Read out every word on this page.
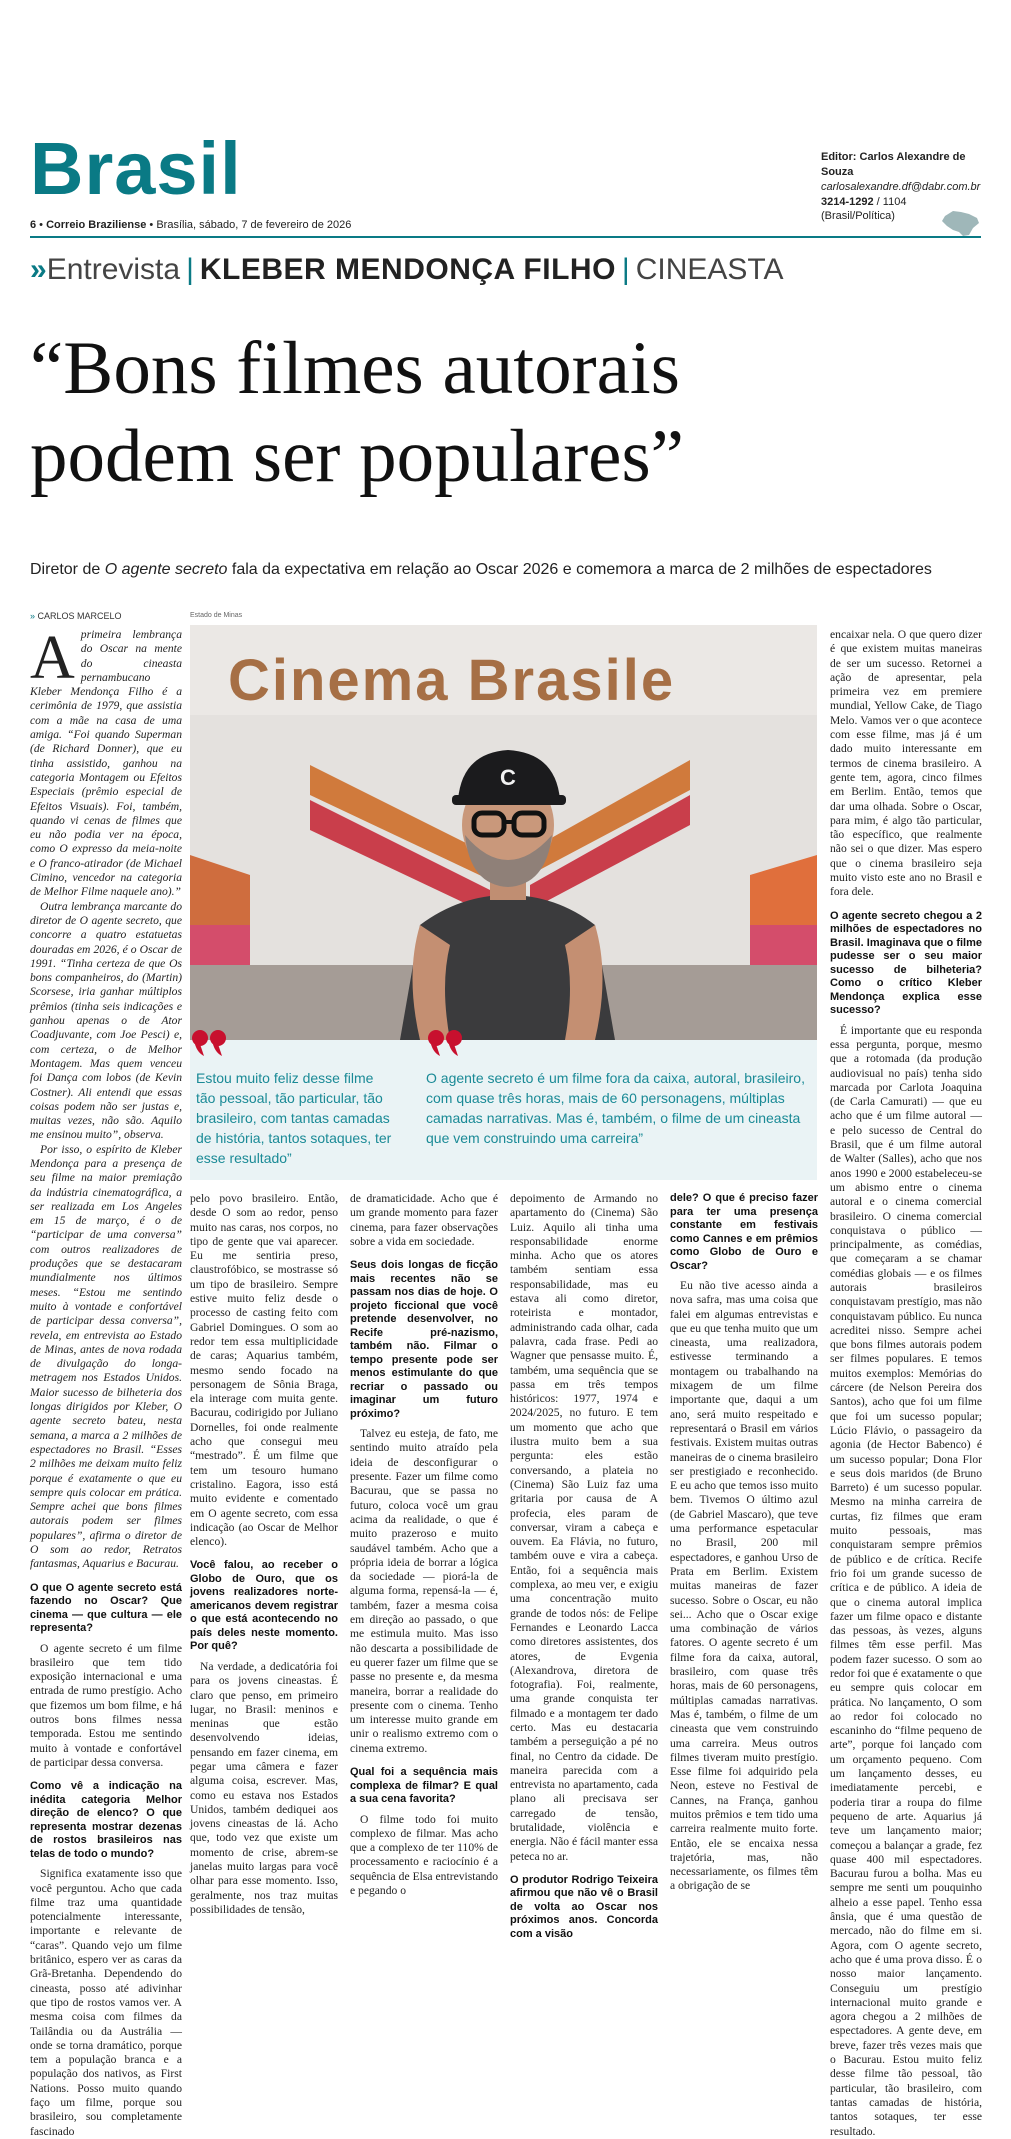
Brasil	Editor: Carlos Alexandre de Souza
carlosalexandre.df@dabr.com.br
3214-1292 / 1104 (Brasil/Política)
6 • Correio Braziliense • Brasília, sábado, 7 de fevereiro de 2026
»Entrevista | KLEBER MENDONÇA FILHO | CINEASTA
“Bons filmes autorais
podem ser populares”
Diretor de O agente secreto fala da expectativa em relação ao Oscar 2026 e comemora a marca de 2 milhões de espectadores
» CARLOS MARCELO	Estado de Minas
C
Cinema Brasile
Estou muito feliz desse filme tão pessoal, tão particular, tão brasileiro, com tantas camadas de história, tantos sotaques, ter esse resultado”
O agente secreto é um filme fora da caixa, autoral, brasileiro, com quase três horas, mais de 60 personagens, múltiplas camadas narrativas. Mas é, também, o filme de um cineasta que vem construindo uma carreira”

Aprimeira lembrança do Oscar na mente do cineasta pernambucano Kleber Mendonça Filho é a cerimônia de 1979, que assistia com a mãe na casa de uma amiga. “Foi quando Superman (de Richard Donner), que eu tinha assistido, ganhou na categoria Montagem ou Efeitos Especiais (prêmio especial de Efeitos Visuais). Foi, também, quando vi cenas de filmes que eu não podia ver na época, como O expresso da meia-noite e O franco-atirador (de Michael Cimino, vencedor na categoria de Melhor Filme naquele ano).”

Outra lembrança marcante do diretor de O agente secreto, que concorre a quatro estatuetas douradas em 2026, é o Oscar de 1991. “Tinha certeza de que Os bons companheiros, do (Martin) Scorsese, iria ganhar múltiplos prêmios (tinha seis indicações e ganhou apenas o de Ator Coadjuvante, com Joe Pesci) e, com certeza, o de Melhor Montagem. Mas quem venceu foi Dança com lobos (de Kevin Costner). Ali entendi que essas coisas podem não ser justas e, muitas vezes, não são. Aquilo me ensinou muito”, observa.

Por isso, o espírito de Kleber Mendonça para a presença de seu filme na maior premiação da indústria cinematográfica, a ser realizada em Los Angeles em 15 de março, é o de “participar de uma conversa” com outros realizadores de produções que se destacaram mundialmente nos últimos meses. “Estou me sentindo muito à vontade e confortável de participar dessa conversa”, revela, em entrevista ao Estado de Minas, antes de nova rodada de divulgação do longa-metragem nos Estados Unidos. Maior sucesso de bilheteria dos longas dirigidos por Kleber, O agente secreto bateu, nesta semana, a marca a 2 milhões de espectadores no Brasil. “Esses 2 milhões me deixam muito feliz porque é exatamente o que eu sempre quis colocar em prática. Sempre achei que bons filmes autorais podem ser filmes populares”, afirma o diretor de O som ao redor, Retratos fantasmas, Aquarius e Bacurau.

O que O agente secreto está fazendo no Oscar? Que cinema — que cultura — ele representa?

O agente secreto é um filme brasileiro que tem tido exposição internacional e uma entrada de rumo prestígio. Acho que fizemos um bom filme, e há outros bons filmes nessa temporada. Estou me sentindo muito à vontade e confortável de participar dessa conversa.

Como vê a indicação na inédita categoria Melhor direção de elenco? O que representa mostrar dezenas de rostos brasileiros nas telas de todo o mundo?

Significa exatamente isso que você perguntou. Acho que cada filme traz uma quantidade potencialmente interessante, importante e relevante de “caras”. Quando vejo um filme britânico, espero ver as caras da Grã-Bretanha. Dependendo do cineasta, posso até adivinhar que tipo de rostos vamos ver. A mesma coisa com filmes da Tailândia ou da Austrália — onde se torna dramático, porque tem a população branca e a população dos nativos, as First Nations. Posso muito quando faço um filme, porque sou brasileiro, sou completamente fascinado

pelo povo brasileiro. Então, desde O som ao redor, penso muito nas caras, nos corpos, no tipo de gente que vai aparecer. Eu me sentiria preso, claustrofóbico, se mostrasse só um tipo de brasileiro. Sempre estive muito feliz desde o processo de casting feito com Gabriel Domingues. O som ao redor tem essa multiplicidade de caras; Aquarius também, mesmo sendo focado na personagem de Sônia Braga, ela interage com muita gente. Bacurau, codirigido por Juliano Dornelles, foi onde realmente acho que consegui meu “mestrado”. É um filme que tem um tesouro humano cristalino. Eagora, isso está muito evidente e comentado em O agente secreto, com essa indicação (ao Oscar de Melhor elenco).

Você falou, ao receber o Globo de Ouro, que os jovens realizadores norte-americanos devem registrar o que está acontecendo no país deles neste momento. Por quê?

Na verdade, a dedicatória foi para os jovens cineastas. É claro que penso, em primeiro lugar, no Brasil: meninos e meninas que estão desenvolvendo ideias, pensando em fazer cinema, em pegar uma câmera e fazer alguma coisa, escrever. Mas, como eu estava nos Estados Unidos, também dediquei aos jovens cineastas de lá. Acho que, todo vez que existe um momento de crise, abrem-se janelas muito largas para você olhar para esse momento. Isso, geralmente, nos traz muitas possibilidades de tensão,

de dramaticidade. Acho que é um grande momento para fazer cinema, para fazer observações sobre a vida em sociedade.

Seus dois longas de ficção mais recentes não se passam nos dias de hoje. O projeto ficcional que você pretende desenvolver, no Recife pré-nazismo, também não. Filmar o tempo presente pode ser menos estimulante do que recriar o passado ou imaginar um futuro próximo?

Talvez eu esteja, de fato, me sentindo muito atraído pela ideia de desconfigurar o presente. Fazer um filme como Bacurau, que se passa no futuro, coloca você um grau acima da realidade, o que é muito prazeroso e muito saudável também. Acho que a própria ideia de borrar a lógica da sociedade — piorá-la de alguma forma, repensá-la — é, também, fazer a mesma coisa em direção ao passado, o que me estimula muito. Mas isso não descarta a possibilidade de eu querer fazer um filme que se passe no presente e, da mesma maneira, borrar a realidade do presente com o cinema. Tenho um interesse muito grande em unir o realismo extremo com o cinema extremo.

Qual foi a sequência mais complexa de filmar? E qual a sua cena favorita?

O filme todo foi muito complexo de filmar. Mas acho que a complexo de ter 110% de processamento e raciocínio é a sequência de Elsa entrevistando e pegando o

depoimento de Armando no apartamento do (Cinema) São Luiz. Aquilo ali tinha uma responsabilidade enorme minha. Acho que os atores também sentiam essa responsabilidade, mas eu estava ali como diretor, roteirista e montador, administrando cada olhar, cada palavra, cada frase. Pedi ao Wagner que pensasse muito. É, também, uma sequência que se passa em três tempos históricos: 1977, 1974 e 2024/2025, no futuro. E tem um momento que acho que ilustra muito bem a sua pergunta: eles estão conversando, a plateia no (Cinema) São Luiz faz uma gritaria por causa de A profecia, eles param de conversar, viram a cabeça e ouvem. Ea Flávia, no futuro, também ouve e vira a cabeça. Então, foi a sequência mais complexa, ao meu ver, e exigiu uma concentração muito grande de todos nós: de Felipe Fernandes e Leonardo Lacca como diretores assistentes, dos atores, de Evgenia (Alexandrova, diretora de fotografia). Foi, realmente, uma grande conquista ter filmado e a montagem ter dado certo. Mas eu destacaria também a perseguição a pé no final, no Centro da cidade. De maneira parecida com a entrevista no apartamento, cada plano ali precisava ser carregado de tensão, brutalidade, violência e energia. Não é fácil manter essa peteca no ar.

O produtor Rodrigo Teixeira afirmou que não vê o Brasil de volta ao Oscar nos próximos anos. Concorda com a visão

dele? O que é preciso fazer para ter uma presença constante em festivais como Cannes e em prêmios como Globo de Ouro e Oscar?

Eu não tive acesso ainda a nova safra, mas uma coisa que falei em algumas entrevistas e que eu que tenha muito que um cineasta, uma realizadora, estivesse terminando a montagem ou trabalhando na mixagem de um filme importante que, daqui a um ano, será muito respeitado e representará o Brasil em vários festivais. Existem muitas outras maneiras de o cinema brasileiro ser prestigiado e reconhecido. E eu acho que temos isso muito bem. Tivemos O último azul (de Gabriel Mascaro), que teve uma performance espetacular no Brasil, 200 mil espectadores, e ganhou Urso de Prata em Berlim. Existem muitas maneiras de fazer sucesso. Sobre o Oscar, eu não sei... Acho que o Oscar exige uma combinação de vários fatores. O agente secreto é um filme fora da caixa, autoral, brasileiro, com quase três horas, mais de 60 personagens, múltiplas camadas narrativas. Mas é, também, o filme de um cineasta que vem construindo uma carreira. Meus outros filmes tiveram muito prestígio. Esse filme foi adquirido pela Neon, esteve no Festival de Cannes, na França, ganhou muitos prêmios e tem tido uma carreira realmente muito forte. Então, ele se encaixa nessa trajetória, mas, não necessariamente, os filmes têm a obrigação de se

encaixar nela. O que quero dizer é que existem muitas maneiras de ser um sucesso. Retornei a ação de apresentar, pela primeira vez em premiere mundial, Yellow Cake, de Tiago Melo. Vamos ver o que acontece com esse filme, mas já é um dado muito interessante em termos de cinema brasileiro. A gente tem, agora, cinco filmes em Berlim. Então, temos que dar uma olhada. Sobre o Oscar, para mim, é algo tão particular, tão específico, que realmente não sei o que dizer. Mas espero que o cinema brasileiro seja muito visto este ano no Brasil e fora dele.

O agente secreto chegou a 2 milhões de espectadores no Brasil. Imaginava que o filme pudesse ser o seu maior sucesso de bilheteria? Como o crítico Kleber Mendonça explica esse sucesso?

É importante que eu responda essa pergunta, porque, mesmo que a rotomada (da produção audiovisual no país) tenha sido marcada por Carlota Joaquina (de Carla Camurati) — que eu acho que é um filme autoral — e pelo sucesso de Central do Brasil, que é um filme autoral de Walter (Salles), acho que nos anos 1990 e 2000 estabeleceu-se um abismo entre o cinema autoral e o cinema comercial brasileiro. O cinema comercial conquistava o público — principalmente, as comédias, que começaram a se chamar comédias globais — e os filmes autorais brasileiros conquistavam prestígio, mas não conquistavam público. Eu nunca acreditei nisso. Sempre achei que bons filmes autorais podem ser filmes populares. E temos muitos exemplos: Memórias do cárcere (de Nelson Pereira dos Santos), acho que foi um filme que foi um sucesso popular; Lúcio Flávio, o passageiro da agonia (de Hector Babenco) é um sucesso popular; Dona Flor e seus dois maridos (de Bruno Barreto) é um sucesso popular. Mesmo na minha carreira de curtas, fiz filmes que eram muito pessoais, mas conquistaram sempre prêmios de público e de crítica. Recife frio foi um grande sucesso de crítica e de público. A ideia de que o cinema autoral implica fazer um filme opaco e distante das pessoas, às vezes, alguns filmes têm esse perfil. Mas podem fazer sucesso. O som ao redor foi que é exatamente o que eu sempre quis colocar em prática. No lançamento, O som ao redor foi colocado no escaninho do “filme pequeno de arte”, porque foi lançado com um orçamento pequeno. Com um lançamento desses, eu imediatamente percebi, e poderia tirar a roupa do filme pequeno de arte. Aquarius já teve um lançamento maior; começou a balançar a grade, fez quase 400 mil espectadores. Bacurau furou a bolha. Mas eu sempre me senti um pouquinho alheio a esse papel. Tenho essa ânsia, que é uma questão de mercado, não do filme em si. Agora, com O agente secreto, acho que é uma prova disso. É o nosso maior lançamento. Conseguiu um prestígio internacional muito grande e agora chegou a 2 milhões de espectadores. A gente deve, em breve, fazer três vezes mais que o Bacurau. Estou muito feliz desse filme tão pessoal, tão particular, tão brasileiro, com tantas camadas de história, tantos sotaques, ter esse resultado.
